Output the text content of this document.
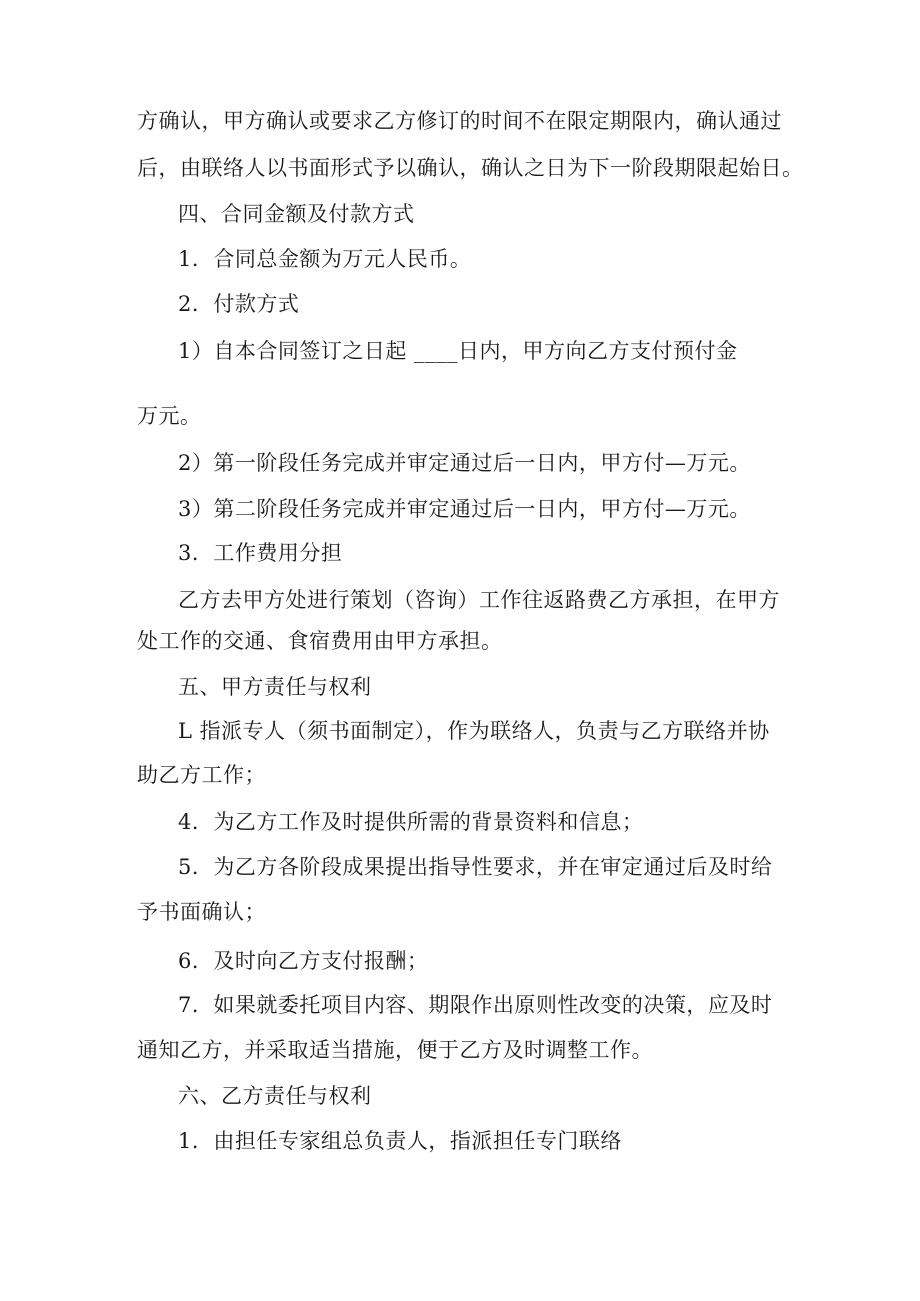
方确认，甲方确认或要求乙方修订的时间不在限定期限内，确认通过
后，由联络人以书面形式予以确认，确认之日为下一阶段期限起始日。
四、合同金额及付款方式
1．合同总金额为万元人民币。
2．付款方式
1）自本合同签订之日起 ____日内，甲方向乙方支付预付金
万元。
2）第一阶段任务完成并审定通过后一日内，甲方付—万元。
3）第二阶段任务完成并审定通过后一日内，甲方付—万元。
3．工作费用分担
乙方去甲方处进行策划（咨询）工作往返路费乙方承担，在甲方
处工作的交通、食宿费用由甲方承担。
五、甲方责任与权利
L 指派专人（须书面制定），作为联络人，负责与乙方联络并协
助乙方工作；
4．为乙方工作及时提供所需的背景资料和信息；
5．为乙方各阶段成果提出指导性要求，并在审定通过后及时给
予书面确认；
6．及时向乙方支付报酬；
7．如果就委托项目内容、期限作出原则性改变的决策，应及时
通知乙方，并采取适当措施，便于乙方及时调整工作。
六、乙方责任与权利
1．由担任专家组总负责人，指派担任专门联络
